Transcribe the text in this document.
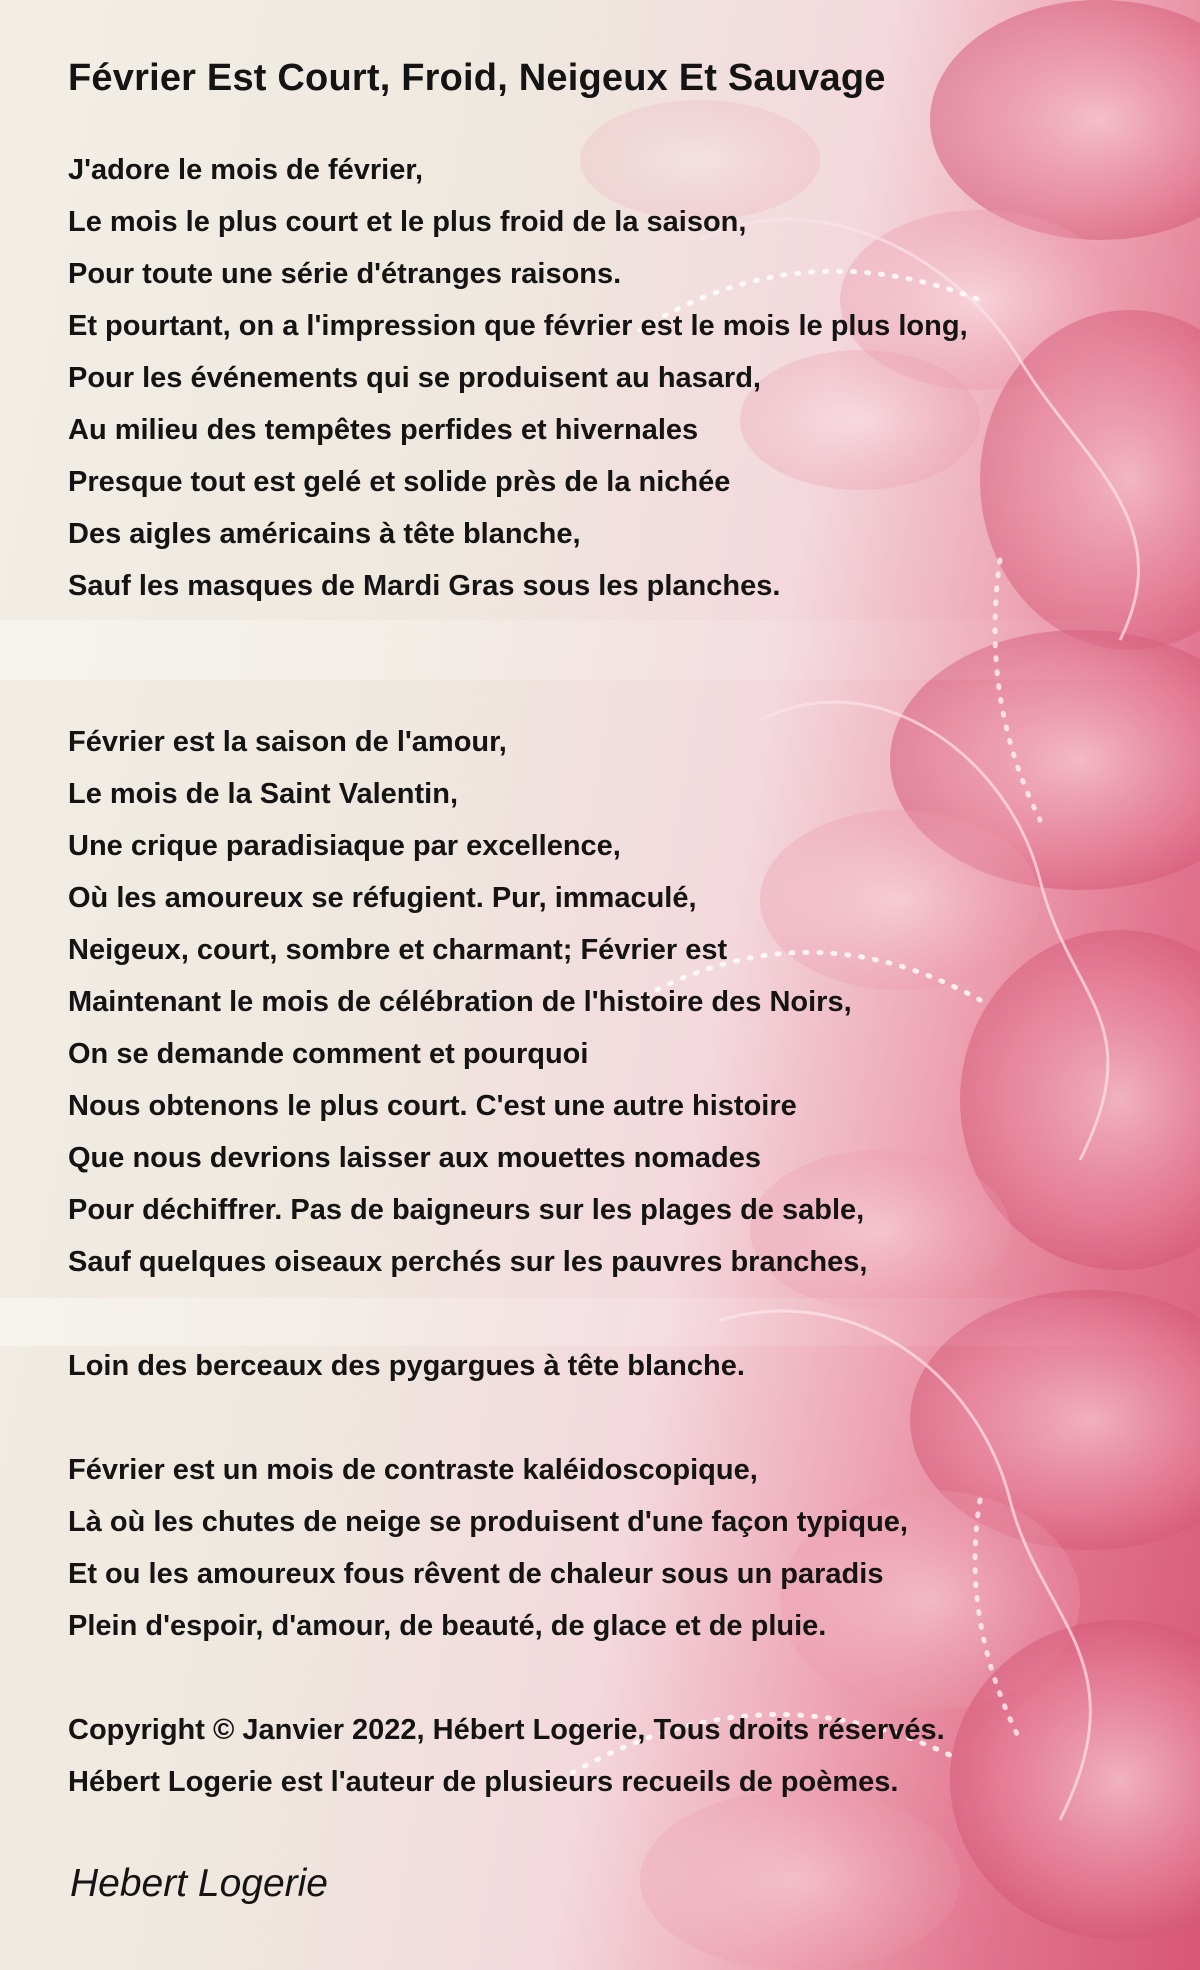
Février Est Court, Froid, Neigeux Et Sauvage
J'adore le mois de février,
Le mois le plus court et le plus froid de la saison,
Pour toute une série d'étranges raisons.
Et pourtant, on a l'impression que février est le mois le plus long,
Pour les événements qui se produisent au hasard,
Au milieu des tempêtes perfides et hivernales
Presque tout est gelé et solide près de la nichée
Des aigles américains à tête blanche,
Sauf les masques de Mardi Gras sous les planches.
Février est la saison de l'amour,
Le mois de la Saint Valentin,
Une crique paradisiaque par excellence,
Où les amoureux se réfugient. Pur, immaculé,
Neigeux, court, sombre et charmant; Février est
Maintenant le mois de célébration de l'histoire des Noirs,
On se demande comment et pourquoi
Nous obtenons le plus court. C'est une autre histoire
Que nous devrions laisser aux mouettes nomades
Pour déchiffrer. Pas de baigneurs sur les plages de sable,
Sauf quelques oiseaux perchés sur les pauvres branches,
Loin des berceaux des pygargues à tête blanche.
Février est un mois de contraste kaléidoscopique,
Là où les chutes de neige se produisent d'une façon typique,
Et ou les amoureux fous rêvent de chaleur sous un paradis
Plein d'espoir, d'amour, de beauté, de glace et de pluie.
Copyright © Janvier 2022, Hébert Logerie, Tous droits réservés.
Hébert Logerie est l'auteur de plusieurs recueils de poèmes.
Hebert Logerie
